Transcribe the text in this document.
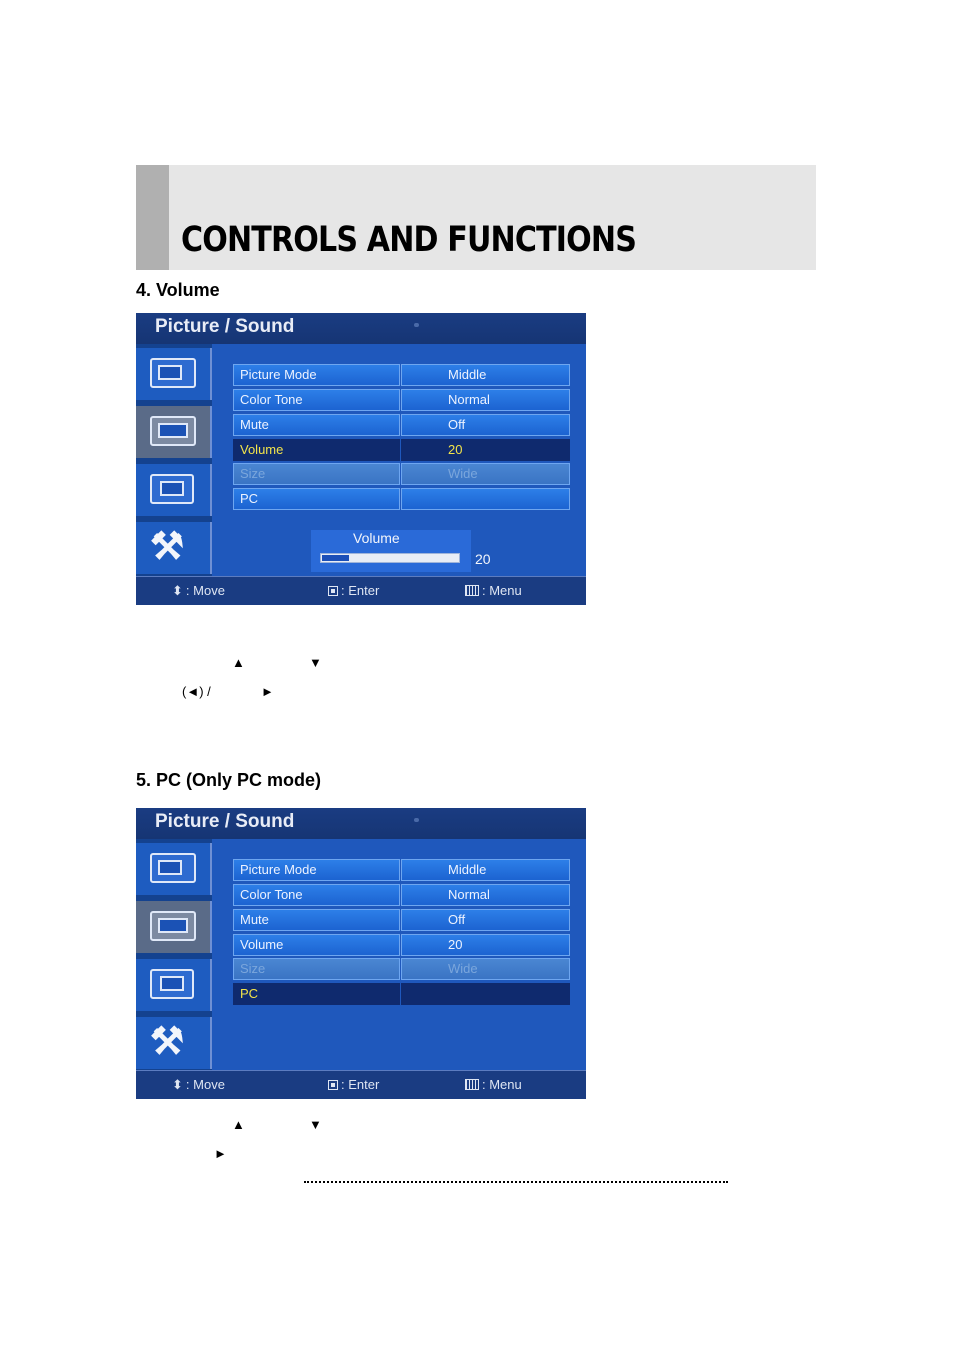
CONTROLS AND FUNCTIONS
4. Volume
Picture / Sound
⚒
Picture Mode	Middle
Color Tone	Normal
Mute	Off
Volume	20
Size	Wide
PC
Volume
20
⬍ : Move	: Enter	: Menu
▲	▼
(◄) /	►
5. PC (Only PC mode)
Picture / Sound
⚒
Picture Mode	Middle
Color Tone	Normal
Mute	Off
Volume	20
Size	Wide
PC
⬍ : Move	: Enter	: Menu
▲	▼
►
